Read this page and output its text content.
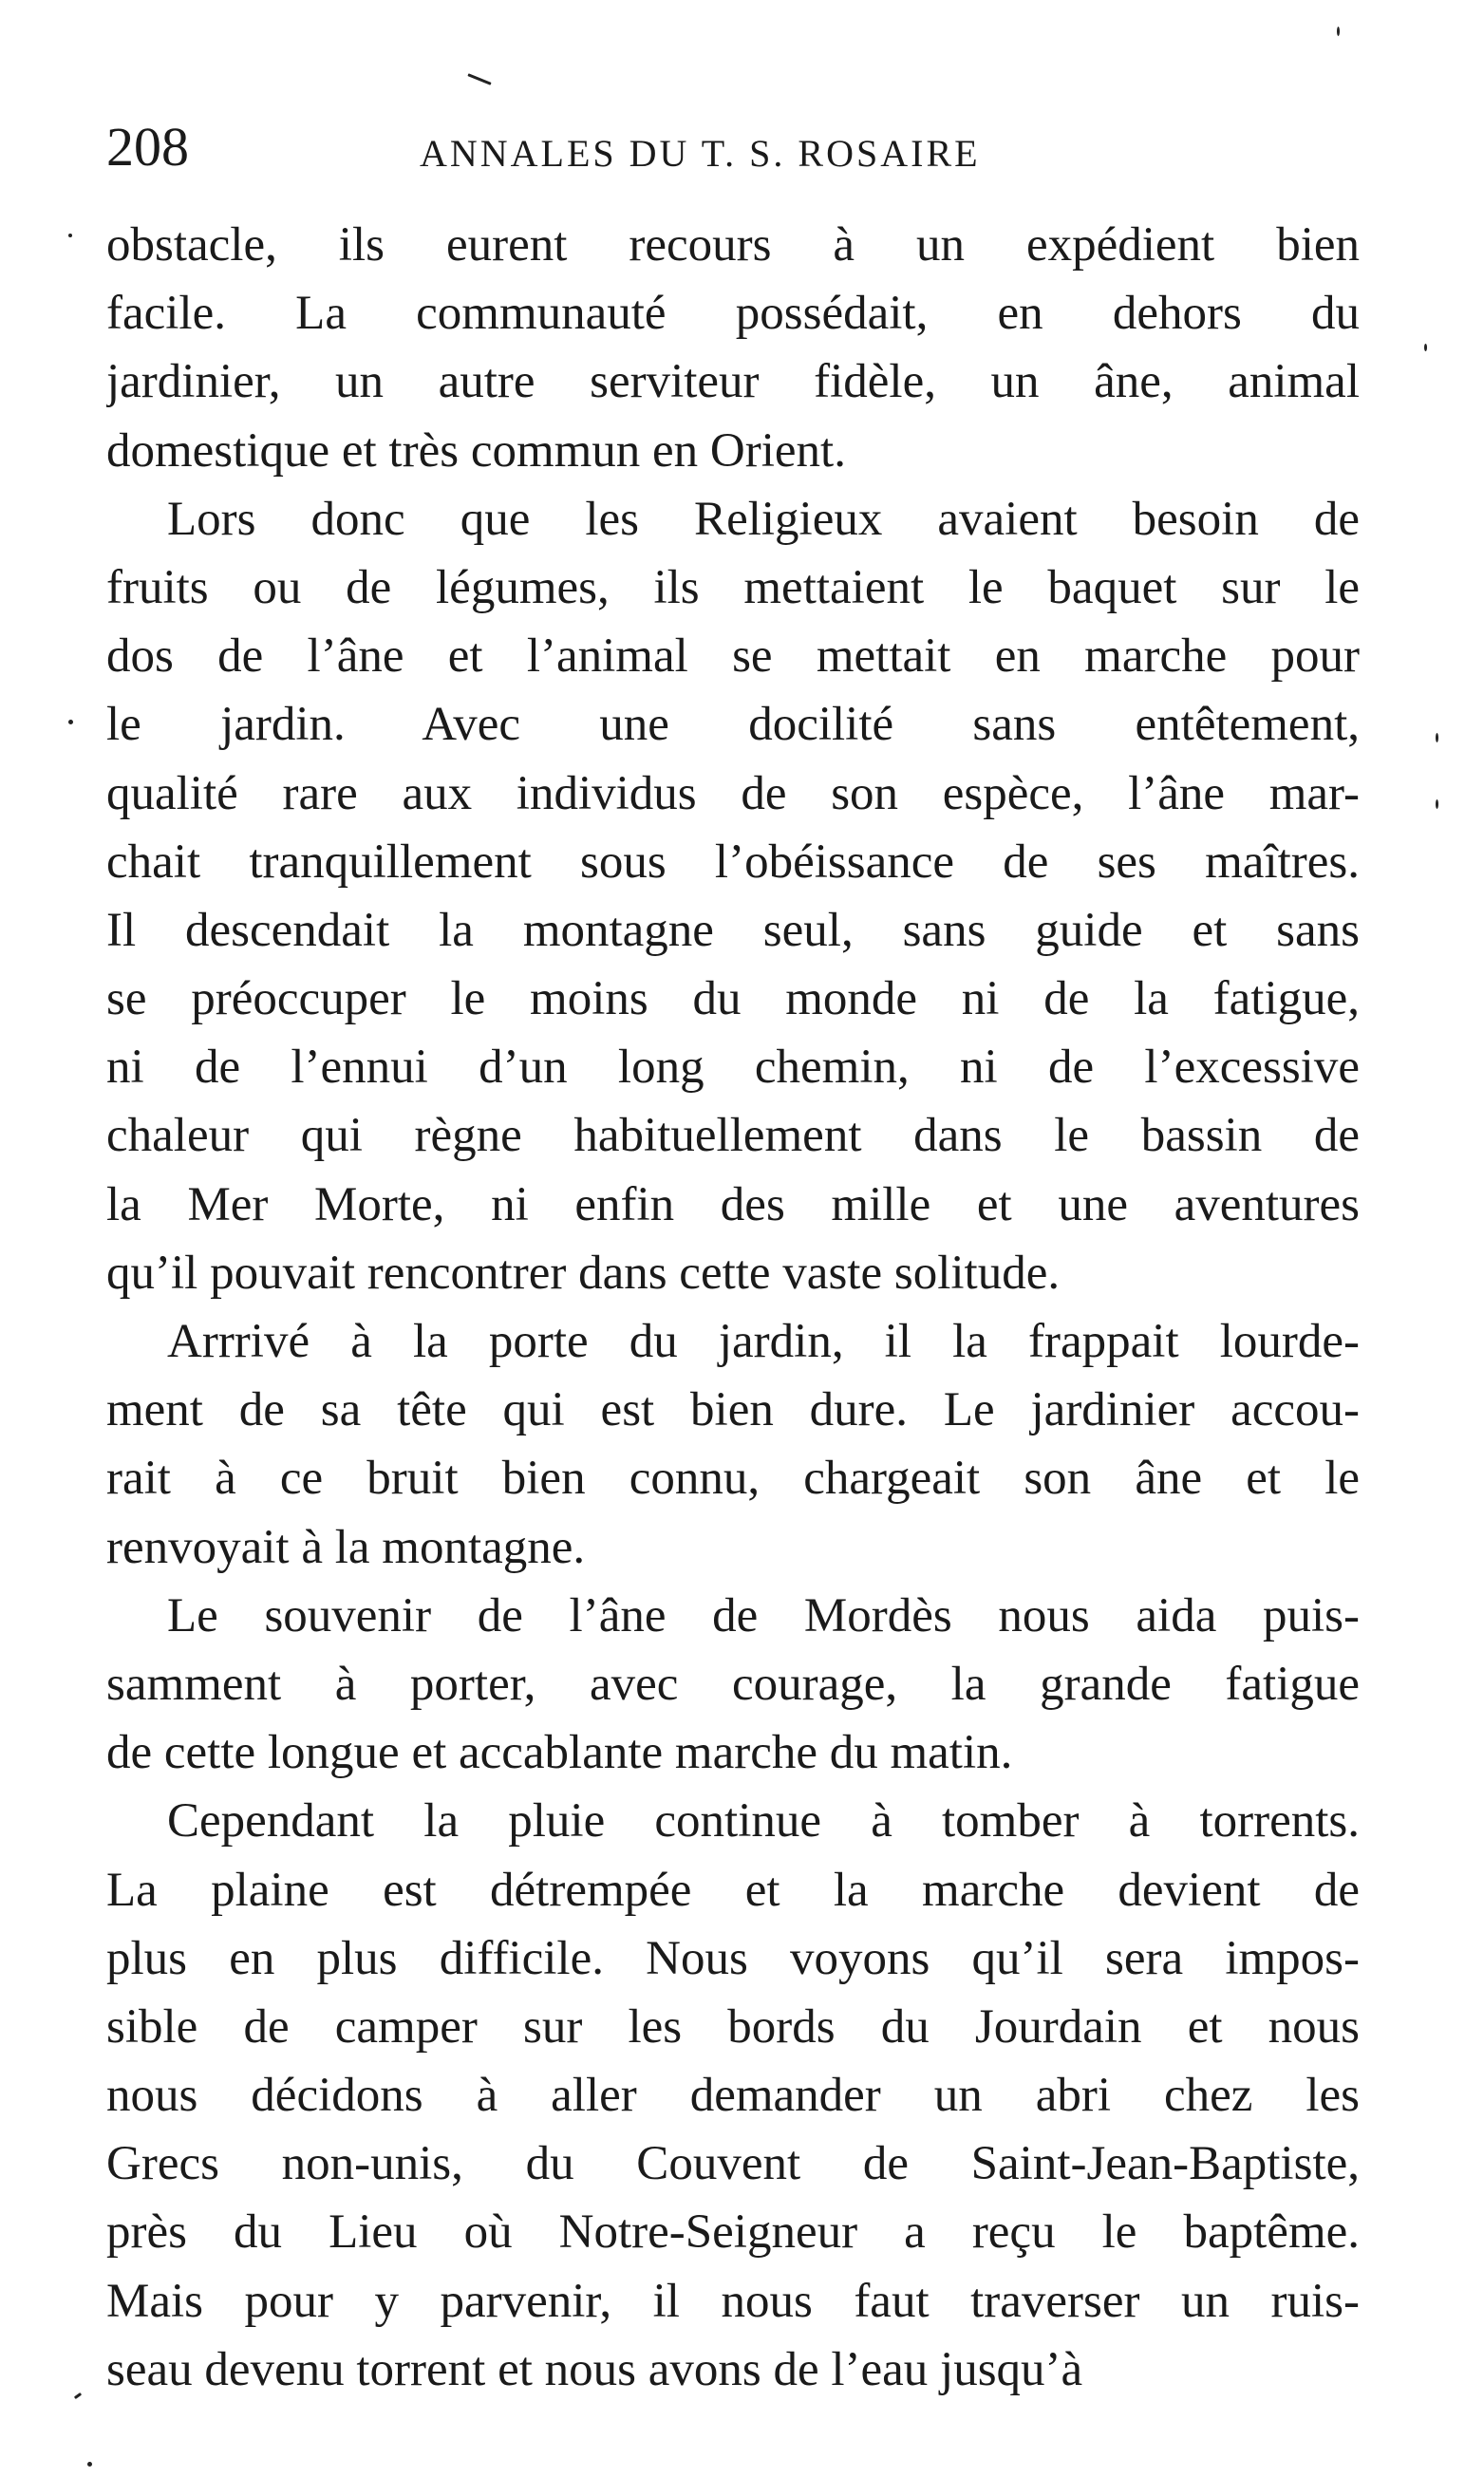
208	ANNALES DU T. S. ROSAIRE
obstacle, ils eurent recours à un expédient bien
facile. La communauté possédait, en dehors du
jardinier, un autre serviteur fidèle, un âne, animal
domestique et très commun en Orient.
Lors donc que les Religieux avaient besoin de
fruits ou de légumes, ils mettaient le baquet sur le
dos de l’âne et l’animal se mettait en marche pour
le jardin. Avec une docilité sans entêtement,
qualité rare aux individus de son espèce, l’âne mar-
chait tranquillement sous l’obéissance de ses maîtres.
Il descendait la montagne seul, sans guide et sans
se préoccuper le moins du monde ni de la fatigue,
ni de l’ennui d’un long chemin, ni de l’excessive
chaleur qui règne habituellement dans le bassin de
la Mer Morte, ni enfin des mille et une aventures
qu’il pouvait rencontrer dans cette vaste solitude.
Arrrivé à la porte du jardin, il la frappait lourde-
ment de sa tête qui est bien dure. Le jardinier accou-
rait à ce bruit bien connu, chargeait son âne et le
renvoyait à la montagne.
Le souvenir de l’âne de Mordès nous aida puis-
samment à porter, avec courage, la grande fatigue
de cette longue et accablante marche du matin.
Cependant la pluie continue à tomber à torrents.
La plaine est détrempée et la marche devient de
plus en plus difficile. Nous voyons qu’il sera impos-
sible de camper sur les bords du Jourdain et nous
nous décidons à aller demander un abri chez les
Grecs non-unis, du Couvent de Saint-Jean-Baptiste,
près du Lieu où Notre-Seigneur a reçu le baptême.
Mais pour y parvenir, il nous faut traverser un ruis-
seau devenu torrent et nous avons de l’eau jusqu’à
